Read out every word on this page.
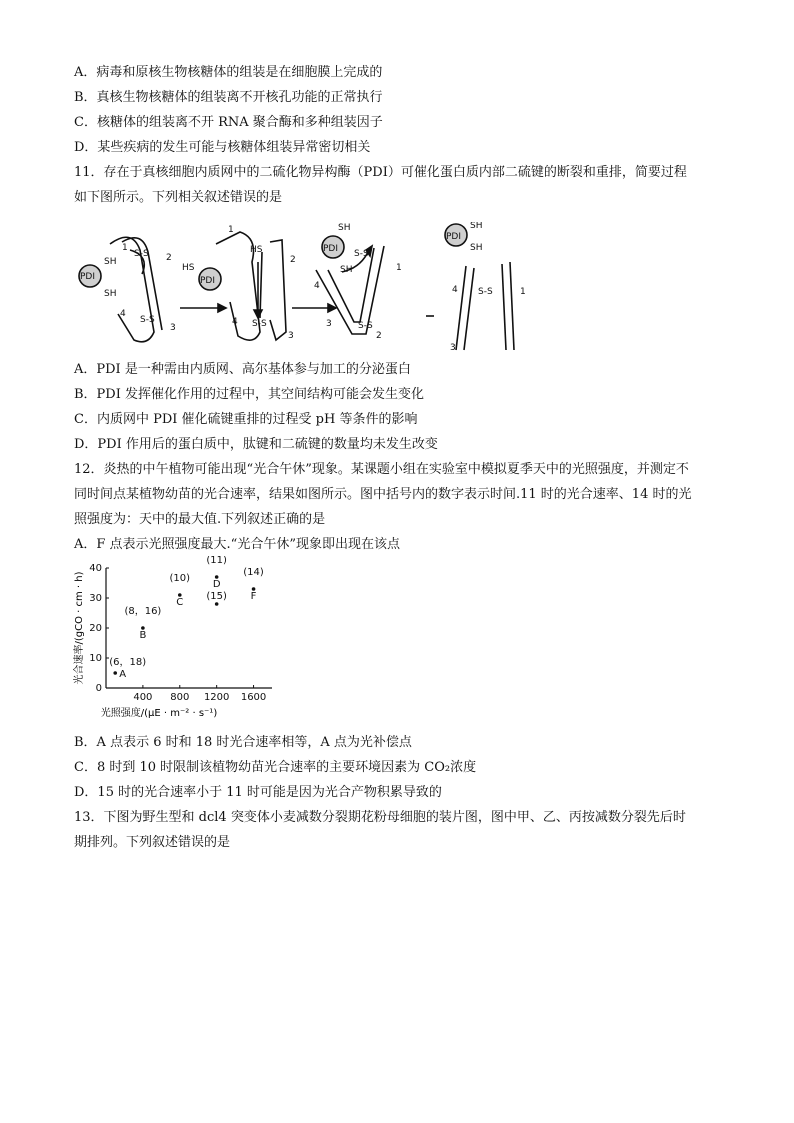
A．病毒和原核生物核糖体的组装是在细胞膜上完成的
B．真核生物核糖体的组装离不开核孔功能的正常执行
C．核糖体的组装离不开 RNA 聚合酶和多种组装因子
D．某些疾病的发生可能与核糖体组装异常密切相关
11．存在于真核细胞内质网中的二硫化物异构酶（PDI）可催化蛋白质内部二硫键的断裂和重排，简要过程
如下图所示。下列相关叙述错误的是
PDI
SH
SH
S-S
S-S
1
2
3
4
PDI
HS
HS
1
2
3
4 S-S
PDI
SH
SH
S-S
S-S
1
2
3
4
PDI
SH
SH
S-S	1
3
4
A．PDI 是一种需由内质网、高尔基体参与加工的分泌蛋白
B．PDI 发挥催化作用的过程中，其空间结构可能会发生变化
C．内质网中 PDI 催化硫键重排的过程受 pH 等条件的影响
D．PDI 作用后的蛋白质中，肽键和二硫键的数量均未发生改变
12．炎热的中午植物可能出现“光合午休”现象。某课题小组在实验室中模拟夏季天中的光照强度，并测定不
同时间点某植物幼苗的光合速率，结果如图所示。图中括号内的数字表示时间.11 时的光合速率、14 时的光
照强度为：天中的最大值.下列叙述正确的是
A．F 点表示光照强度最大.“光合午休”现象即出现在该点
400 800 1200 1600
0
10
20
30
40
(6，18)
A
(8，16)
B
(10)
C
(11)
D
(15)
(14)
F
光照强度/(μE · m⁻² · s⁻¹)
光合速率/(gCO · cm · h)
B．A 点表示 6 时和 18 时光合速率相等，A 点为光补偿点
C．8 时到 10 时限制该植物幼苗光合速率的主要环境因素为 CO₂浓度
D．15 时的光合速率小于 11 时可能是因为光合产物积累导致的
13．下图为野生型和 dcl4 突变体小麦减数分裂期花粉母细胞的装片图，图中甲、乙、丙按减数分裂先后时
期排列。下列叙述错误的是
